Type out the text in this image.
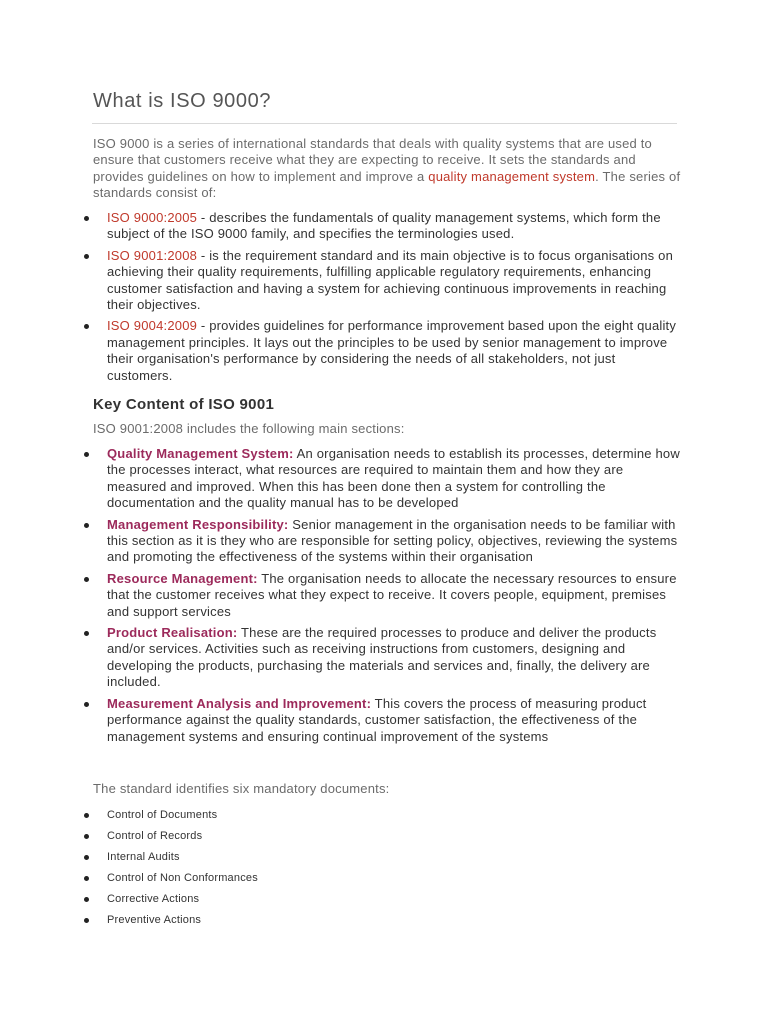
What is ISO 9000?

ISO 9000 is a series of international standards that deals with quality systems that are used to ensure that customers receive what they are expecting to receive. It sets the standards and provides guidelines on how to implement and improve a quality management system. The series of standards consist of:

ISO 9000:2005 - describes the fundamentals of quality management systems, which form the subject of the ISO 9000 family, and specifies the terminologies used.
ISO 9001:2008 - is the requirement standard and its main objective is to focus organisations on achieving their quality requirements, fulfilling applicable regulatory requirements, enhancing customer satisfaction and having a system for achieving continuous improvements in reaching their objectives.
ISO 9004:2009 - provides guidelines for performance improvement based upon the eight quality management principles. It lays out the principles to be used by senior management to improve their organisation's performance by considering the needs of all stakeholders, not just customers.
Key Content of ISO 9001

ISO 9001:2008 includes the following main sections:

Quality Management System: An organisation needs to establish its processes, determine how the processes interact, what resources are required to maintain them and how they are measured and improved. When this has been done then a system for controlling the documentation and the quality manual has to be developed
Management Responsibility: Senior management in the organisation needs to be familiar with this section as it is they who are responsible for setting policy, objectives, reviewing the systems and promoting the effectiveness of the systems within their organisation
Resource Management: The organisation needs to allocate the necessary resources to ensure that the customer receives what they expect to receive. It covers people, equipment, premises and support services
Product Realisation: These are the required processes to produce and deliver the products and/or services. Activities such as receiving instructions from customers, designing and developing the products, purchasing the materials and services and, finally, the delivery are included.
Measurement Analysis and Improvement: This covers the process of measuring product performance against the quality standards, customer satisfaction, the effectiveness of the management systems and ensuring continual improvement of the systems

The standard identifies six mandatory documents:

Control of Documents
Control of Records
Internal Audits
Control of Non Conformances
Corrective Actions
Preventive Actions
